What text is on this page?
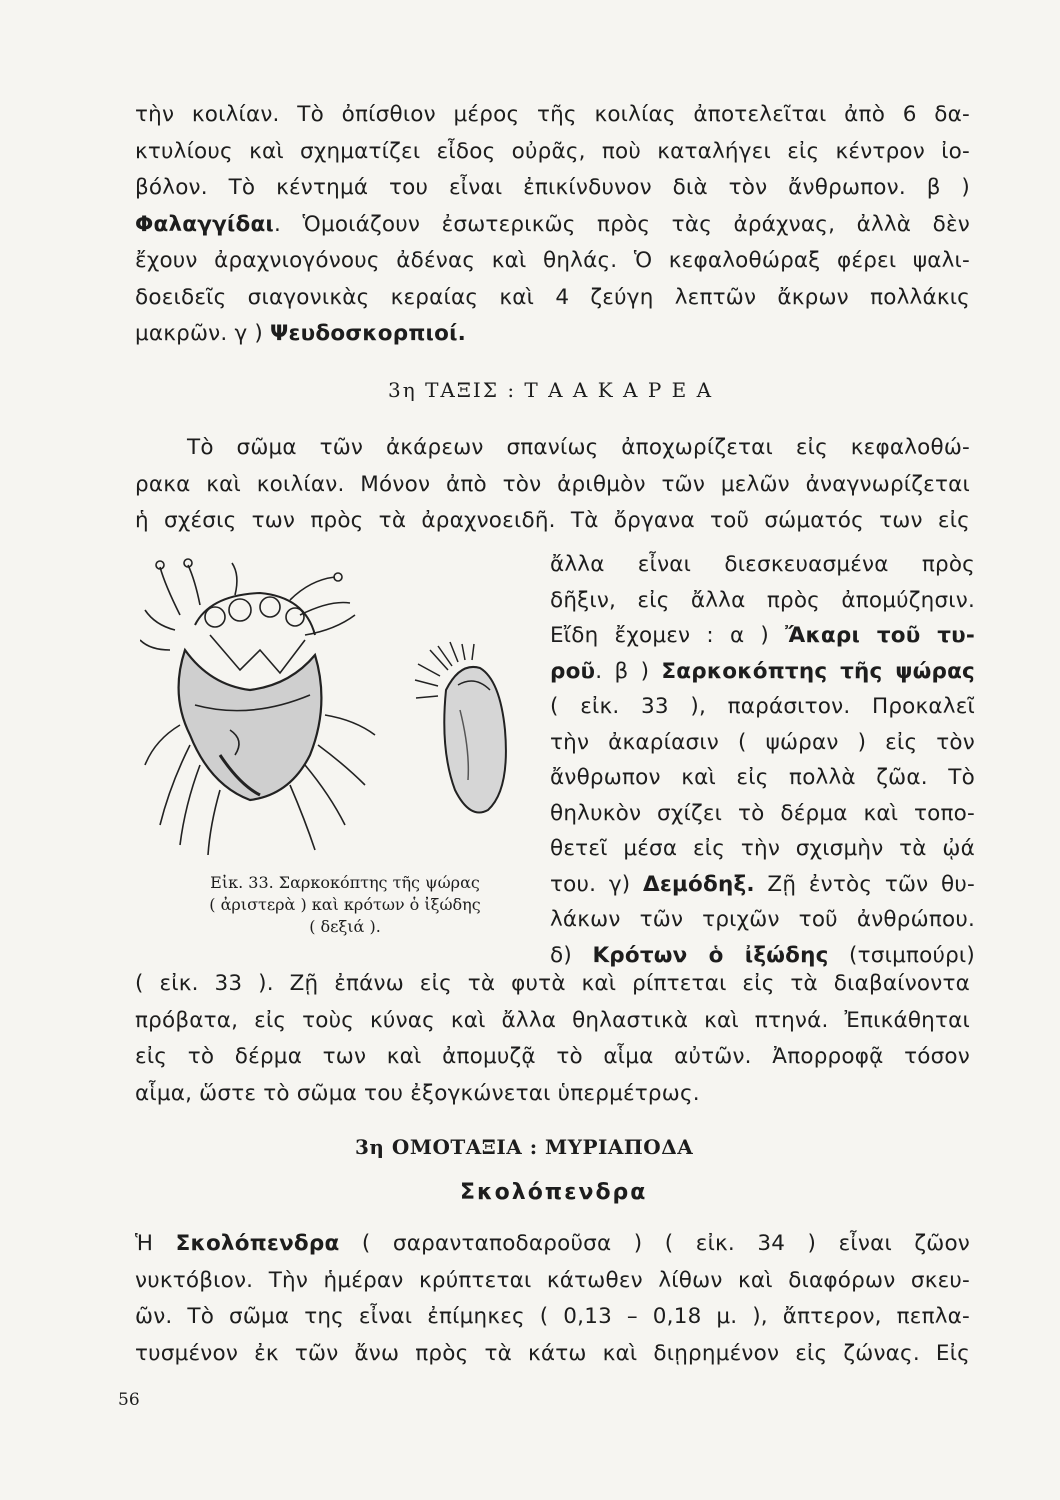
τὴν κοιλίαν. Τὸ ὀπίσθιον μέρος τῆς κοιλίας ἀποτελεῖται ἀπὸ 6 δα-
κτυλίους καὶ σχηματίζει εἶδος οὐρᾶς, ποὺ καταλήγει εἰς κέντρον ἰο-
βόλον. Τὸ κέντημά του εἶναι ἐπικίνδυνον διὰ τὸν ἄνθρωπον. β )
Φαλαγγίδαι. Ὁμοιάζουν ἐσωτερικῶς πρὸς τὰς ἀράχνας, ἀλλὰ δὲν
ἔχουν ἀραχνιογόνους ἀδένας καὶ θηλάς. Ὁ κεφαλοθώραξ φέρει ψαλι-
δοειδεῖς σιαγονικὰς κεραίας καὶ 4 ζεύγη λεπτῶν ἄκρων πολλάκις
μακρῶν. γ ) Ψευδοσκορπιοί.
3η ΤΑΞΙΣ : Τ Α Α Κ Α Ρ Ε Α
Τὸ σῶμα τῶν ἀκάρεων σπανίως ἀποχωρίζεται εἰς κεφαλοθώ-
ρακα καὶ κοιλίαν. Μόνον ἀπὸ τὸν ἀριθμὸν τῶν μελῶν ἀναγνωρίζεται
ἡ σχέσις των πρὸς τὰ ἀραχνοειδῆ. Τὰ ὄργανα τοῦ σώματός των εἰς
ἄλλα εἶναι διεσκευασμένα πρὸς
δῆξιν, εἰς ἄλλα πρὸς ἀπομύζησιν.
Εἴδη ἔχομεν : α ) Ἄκαρι τοῦ τυ-
ροῦ. β ) Σαρκοκόπτης τῆς ψώρας
( εἰκ. 33 ), παράσιτον. Προκαλεῖ
τὴν ἀκαρίασιν ( ψώραν ) εἰς τὸν
ἄνθρωπον καὶ εἰς πολλὰ ζῶα. Τὸ
θηλυκὸν σχίζει τὸ δέρμα καὶ τοπο-
θετεῖ μέσα εἰς τὴν σχισμὴν τὰ ᾠά
του. γ) Δεμόδηξ. Ζῇ ἐντὸς τῶν θυ-
λάκων τῶν τριχῶν τοῦ ἀνθρώπου.
δ) Κρότων ὁ ἰξώδης (τσιμπούρι)
Εἰκ. 33. Σαρκοκόπτης τῆς ψώρας
( ἀριστερὰ ) καὶ κρότων ὁ ἰξώδης
( δεξιά ).
( εἰκ. 33 ). Ζῇ ἐπάνω εἰς τὰ φυτὰ καὶ ρίπτεται εἰς τὰ διαβαίνοντα
πρόβατα, εἰς τοὺς κύνας καὶ ἄλλα θηλαστικὰ καὶ πτηνά. Ἐπικάθηται
εἰς τὸ δέρμα των καὶ ἀπομυζᾷ τὸ αἷμα αὐτῶν. Ἀπορροφᾷ τόσον
αἷμα, ὥστε τὸ σῶμα του ἐξογκώνεται ὑπερμέτρως.
3η ΟΜΟΤΑΞΙΑ : ΜΥΡΙΑΠΟΔΑ
Σκολόπενδρα
Ἡ Σκολόπενδρα ( σαρανταποδαροῦσα ) ( εἰκ. 34 ) εἶναι ζῶον
νυκτόβιον. Τὴν ἡμέραν κρύπτεται κάτωθεν λίθων καὶ διαφόρων σκευ-
ῶν. Τὸ σῶμα της εἶναι ἐπίμηκες ( 0,13 – 0,18 μ. ), ἄπτερον, πεπλα-
τυσμένον ἐκ τῶν ἄνω πρὸς τὰ κάτω καὶ διῃρημένον εἰς ζώνας. Εἰς
56
